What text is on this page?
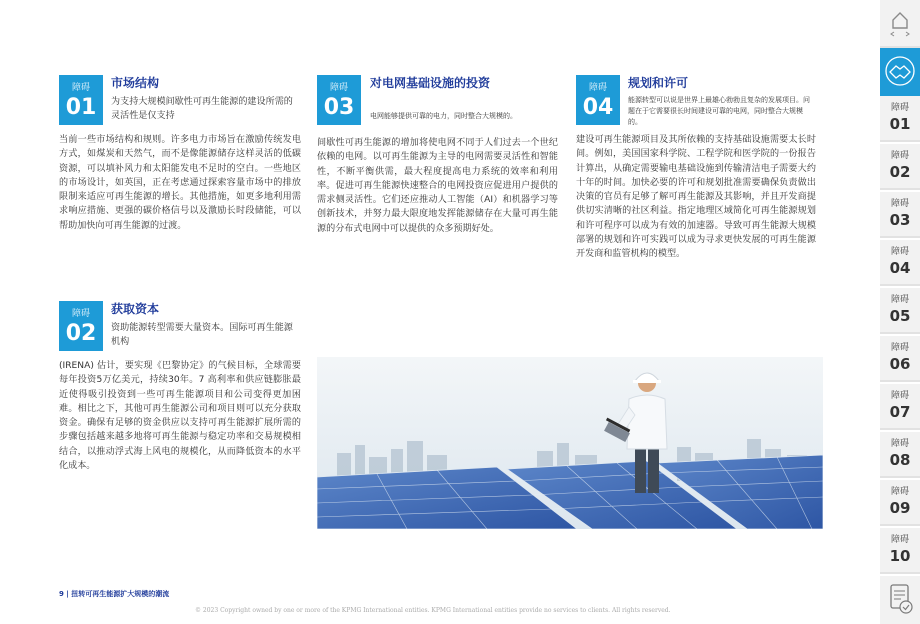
障碍
01
市场结构
为支持大规模间歇性可再生能源的建设所需的灵活性是仅支持
当前一些市场结构和规则。许多电力市场旨在激励传统发电方式，如煤炭和天然气，而不是像能源储存这样灵活的低碳资源，可以填补风力和太阳能发电不足时的空白。一些地区的市场设计，如英国，正在考虑通过探索容量市场中的排放限制来适应可再生能源的增长。其他措施，如更多地利用需求响应措施、更强的碳价格信号以及激励长时段储能，可以帮助加快向可再生能源的过渡。
障碍
02
获取资本
资助能源转型需要大量资本。国际可再生能源机构
(IRENA) 估计，要实现《巴黎协定》的气候目标，全球需要每年投资5万亿美元，持续30年。7 高利率和供应链膨胀最近使得吸引投资到一些可再生能源项目和公司变得更加困难。相比之下，其他可再生能源公司和项目则可以充分获取资金。确保有足够的资金供应以支持可再生能源扩展所需的步骤包括越来越多地将可再生能源与稳定功率和交易规模相结合，以推动浮式海上风电的规模化，从而降低资本的水平化成本。
障碍
03
对电网基础设施的投资
电网能够提供可靠的电力，同时整合大规模的。
间歇性可再生能源的增加将使电网不同于人们过去一个世纪依赖的电网。以可再生能源为主导的电网需要灵活性和智能性，不断平衡供需，最大程度提高电力系统的效率和利用率。促进可再生能源快速整合的电网投资应促进用户提供的需求侧灵活性。它们还应推动人工智能（AI）和机器学习等创新技术，并努力最大限度地发挥能源储存在大量可再生能源的分布式电网中可以提供的众多预期好处。
障碍
04
规划和许可
能源转型可以说是世界上最雄心勃勃且复杂的发展项目。问题在于它需要很长时间建设可靠的电网，同时整合大规模的。
建设可再生能源项目及其所依赖的支持基础设施需要太长时间。例如，美国国家科学院、工程学院和医学院的一份报告计算出，从确定需要输电基础设施到传输清洁电子需要大约十年的时间。加快必要的许可和规划批准需要确保负责做出决策的官员有足够了解可再生能源及其影响，并且开发商提供切实清晰的社区利益。指定地理区域简化可再生能源规划和许可程序可以成为有效的加速器。导致可再生能源大规模部署的规划和许可实践可以成为寻求更快发展的可再生能源开发商和监管机构的模型。
9 | 扭转可再生能源扩大规模的潮流
© 2023 Copyright owned by one or more of the KPMG International entities. KPMG International entities provide no services to clients. All rights reserved.
障碍
01
障碍
02
障碍
03
障碍
04
障碍
05
障碍
06
障碍
07
障碍
08
障碍
09
障碍
10
